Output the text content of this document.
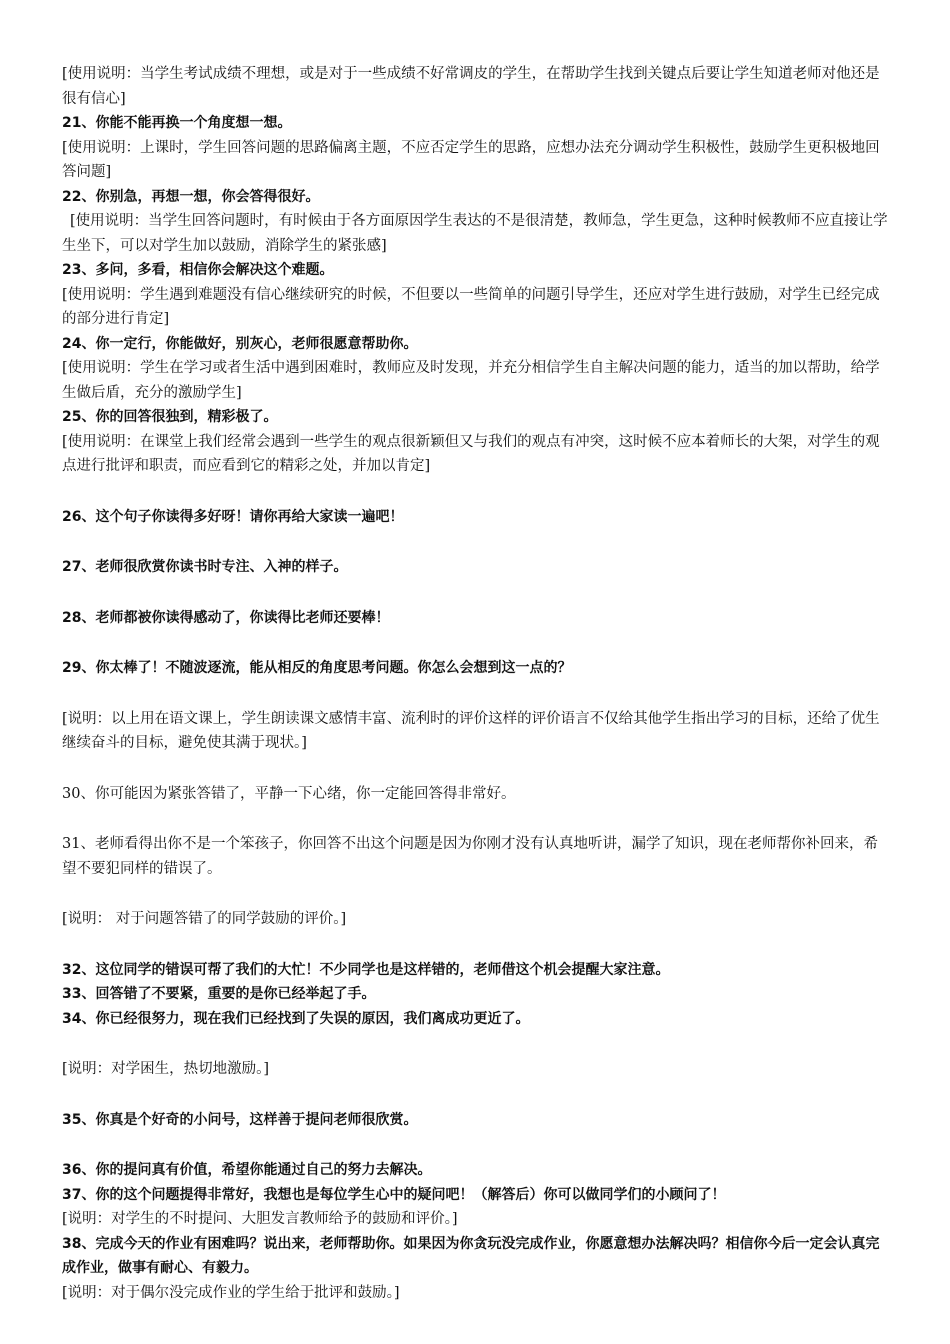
[使用说明：当学生考试成绩不理想，或是对于一些成绩不好常调皮的学生，在帮助学生找到关键点后要让学生知道老师对他还是很有信心]

21、你能不能再换一个角度想一想。

[使用说明：上课时，学生回答问题的思路偏离主题，不应否定学生的思路，应想办法充分调动学生积极性，鼓励学生更积极地回答问题]

22、你别急，再想一想，你会答得很好。

[使用说明：当学生回答问题时，有时候由于各方面原因学生表达的不是很清楚，教师急，学生更急，这种时候教师不应直接让学生坐下，可以对学生加以鼓励，消除学生的紧张感]

23、多问，多看，相信你会解决这个难题。

[使用说明：学生遇到难题没有信心继续研究的时候，不但要以一些简单的问题引导学生，还应对学生进行鼓励，对学生已经完成的部分进行肯定]

24、你一定行，你能做好，别灰心，老师很愿意帮助你。

[使用说明：学生在学习或者生活中遇到困难时，教师应及时发现，并充分相信学生自主解决问题的能力，适当的加以帮助，给学生做后盾，充分的激励学生]

25、你的回答很独到，精彩极了。

[使用说明：在课堂上我们经常会遇到一些学生的观点很新颖但又与我们的观点有冲突，这时候不应本着师长的大架，对学生的观点进行批评和职责，而应看到它的精彩之处，并加以肯定]

26、这个句子你读得多好呀！请你再给大家读一遍吧！

27、老师很欣赏你读书时专注、入神的样子。

28、老师都被你读得感动了，你读得比老师还要棒！

29、你太棒了！不随波逐流，能从相反的角度思考问题。你怎么会想到这一点的？

[说明：以上用在语文课上，学生朗读课文感情丰富、流利时的评价这样的评价语言不仅给其他学生指出学习的目标，还给了优生继续奋斗的目标，避免使其满于现状。]

30、你可能因为紧张答错了，平静一下心绪，你一定能回答得非常好。

31、老师看得出你不是一个笨孩子，你回答不出这个问题是因为你刚才没有认真地听讲，漏学了知识，现在老师帮你补回来，希望不要犯同样的错误了。

[说明： 对于问题答错了的同学鼓励的评价。]

32、这位同学的错误可帮了我们的大忙！不少同学也是这样错的，老师借这个机会提醒大家注意。

33、回答错了不要紧，重要的是你已经举起了手。

34、你已经很努力，现在我们已经找到了失误的原因，我们离成功更近了。

[说明：对学困生，热切地激励。]

35、你真是个好奇的小问号，这样善于提问老师很欣赏。

36、你的提问真有价值，希望你能通过自己的努力去解决。

37、你的这个问题提得非常好，我想也是每位学生心中的疑问吧！（解答后）你可以做同学们的小顾问了！

[说明：对学生的不时提问、大胆发言教师给予的鼓励和评价。]

38、完成今天的作业有困难吗？说出来，老师帮助你。如果因为你贪玩没完成作业，你愿意想办法解决吗？相信你今后一定会认真完成作业，做事有耐心、有毅力。

[说明：对于偶尔没完成作业的学生给于批评和鼓励。]
